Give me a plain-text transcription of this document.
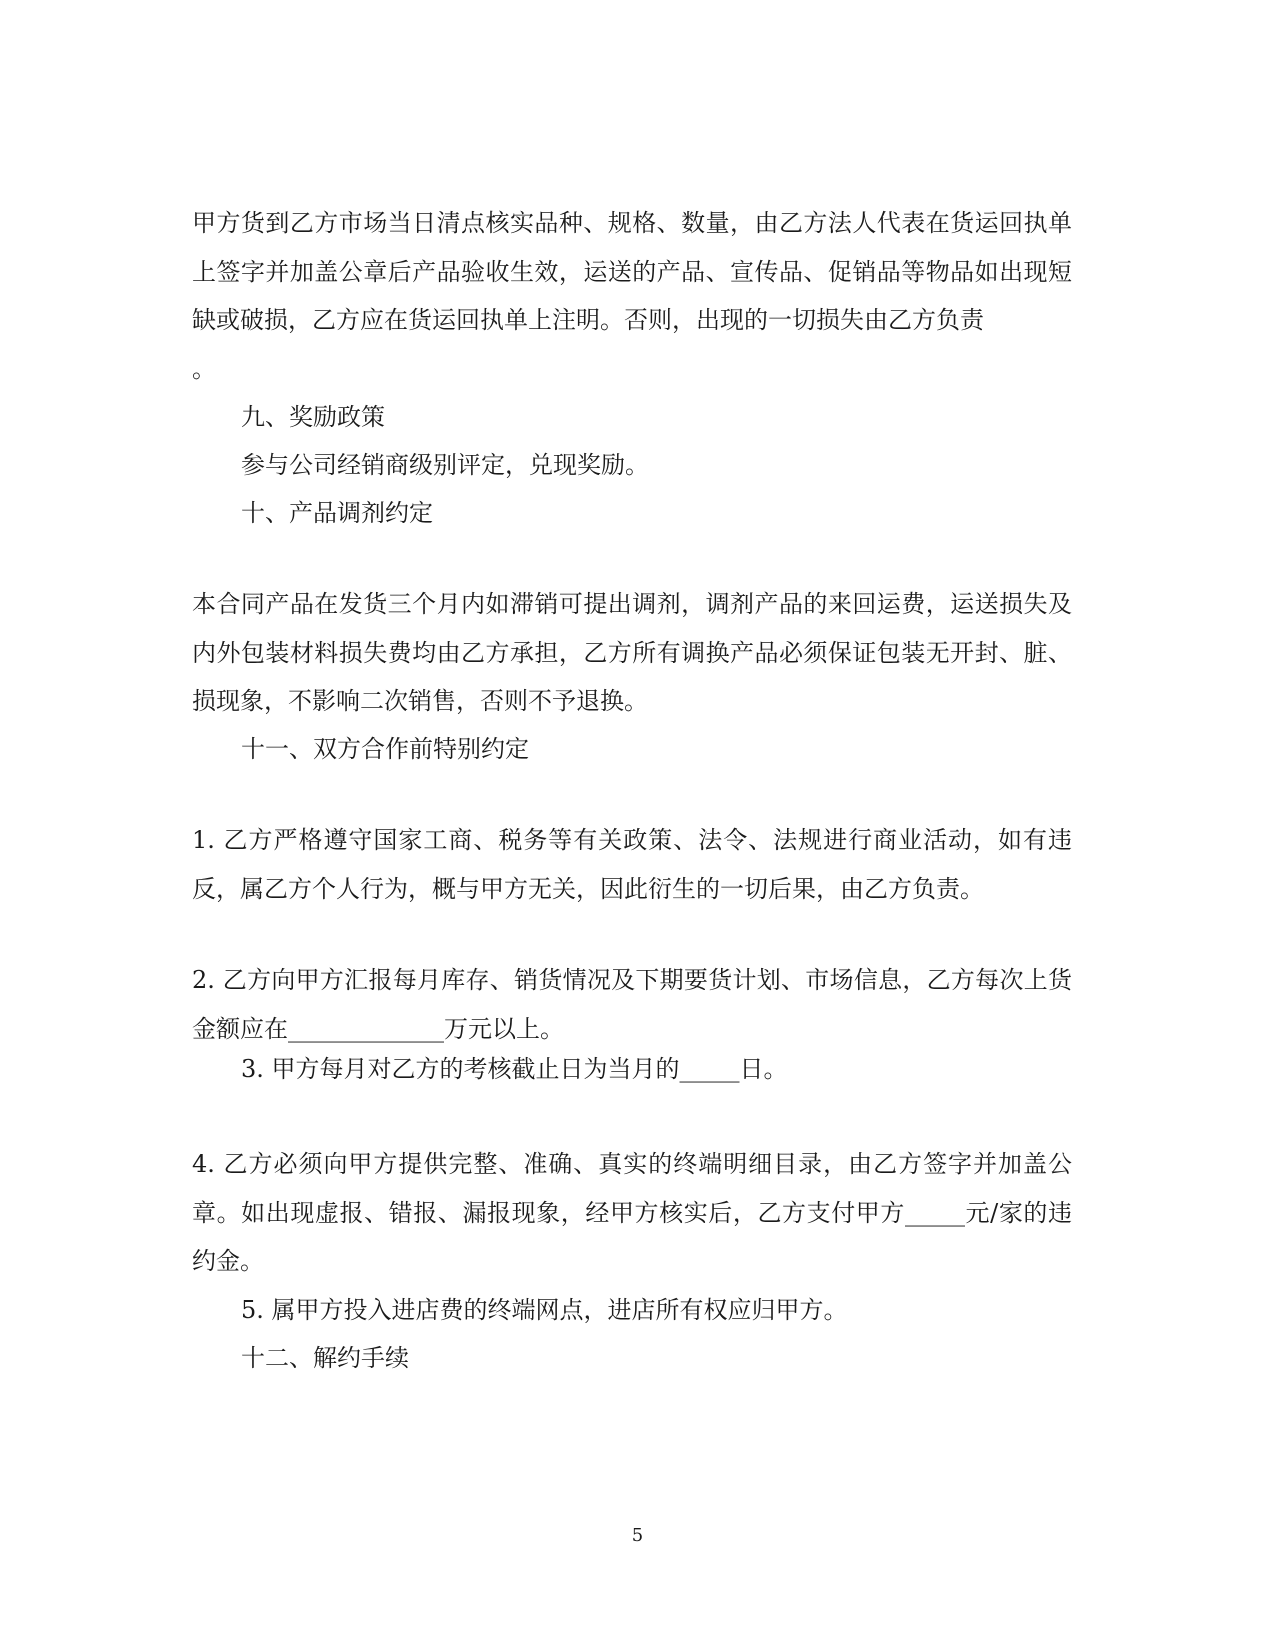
甲方货到乙方市场当日清点核实品种、规格、数量，由乙方法人代表在货运回执单上签字并加盖公章后产品验收生效，运送的产品、宣传品、促销品等物品如出现短缺或破损，乙方应在货运回执单上注明。否则，出现的一切损失由乙方负责

。

九、奖励政策

参与公司经销商级别评定，兑现奖励。

十、产品调剂约定

本合同产品在发货三个月内如滞销可提出调剂，调剂产品的来回运费，运送损失及内外包装材料损失费均由乙方承担，乙方所有调换产品必须保证包装无开封、脏、损现象，不影响二次销售，否则不予退换。

十一、双方合作前特别约定

1. 乙方严格遵守国家工商、税务等有关政策、法令、法规进行商业活动，如有违反，属乙方个人行为，概与甲方无关，因此衍生的一切后果，由乙方负责。

2. 乙方向甲方汇报每月库存、销货情况及下期要货计划、市场信息，乙方每次上货金额应在_____________万元以上。

3. 甲方每月对乙方的考核截止日为当月的_____日。

4. 乙方必须向甲方提供完整、准确、真实的终端明细目录，由乙方签字并加盖公章。如出现虚报、错报、漏报现象，经甲方核实后，乙方支付甲方_____元/家的违约金。

5. 属甲方投入进店费的终端网点，进店所有权应归甲方。

十二、解约手续

5
